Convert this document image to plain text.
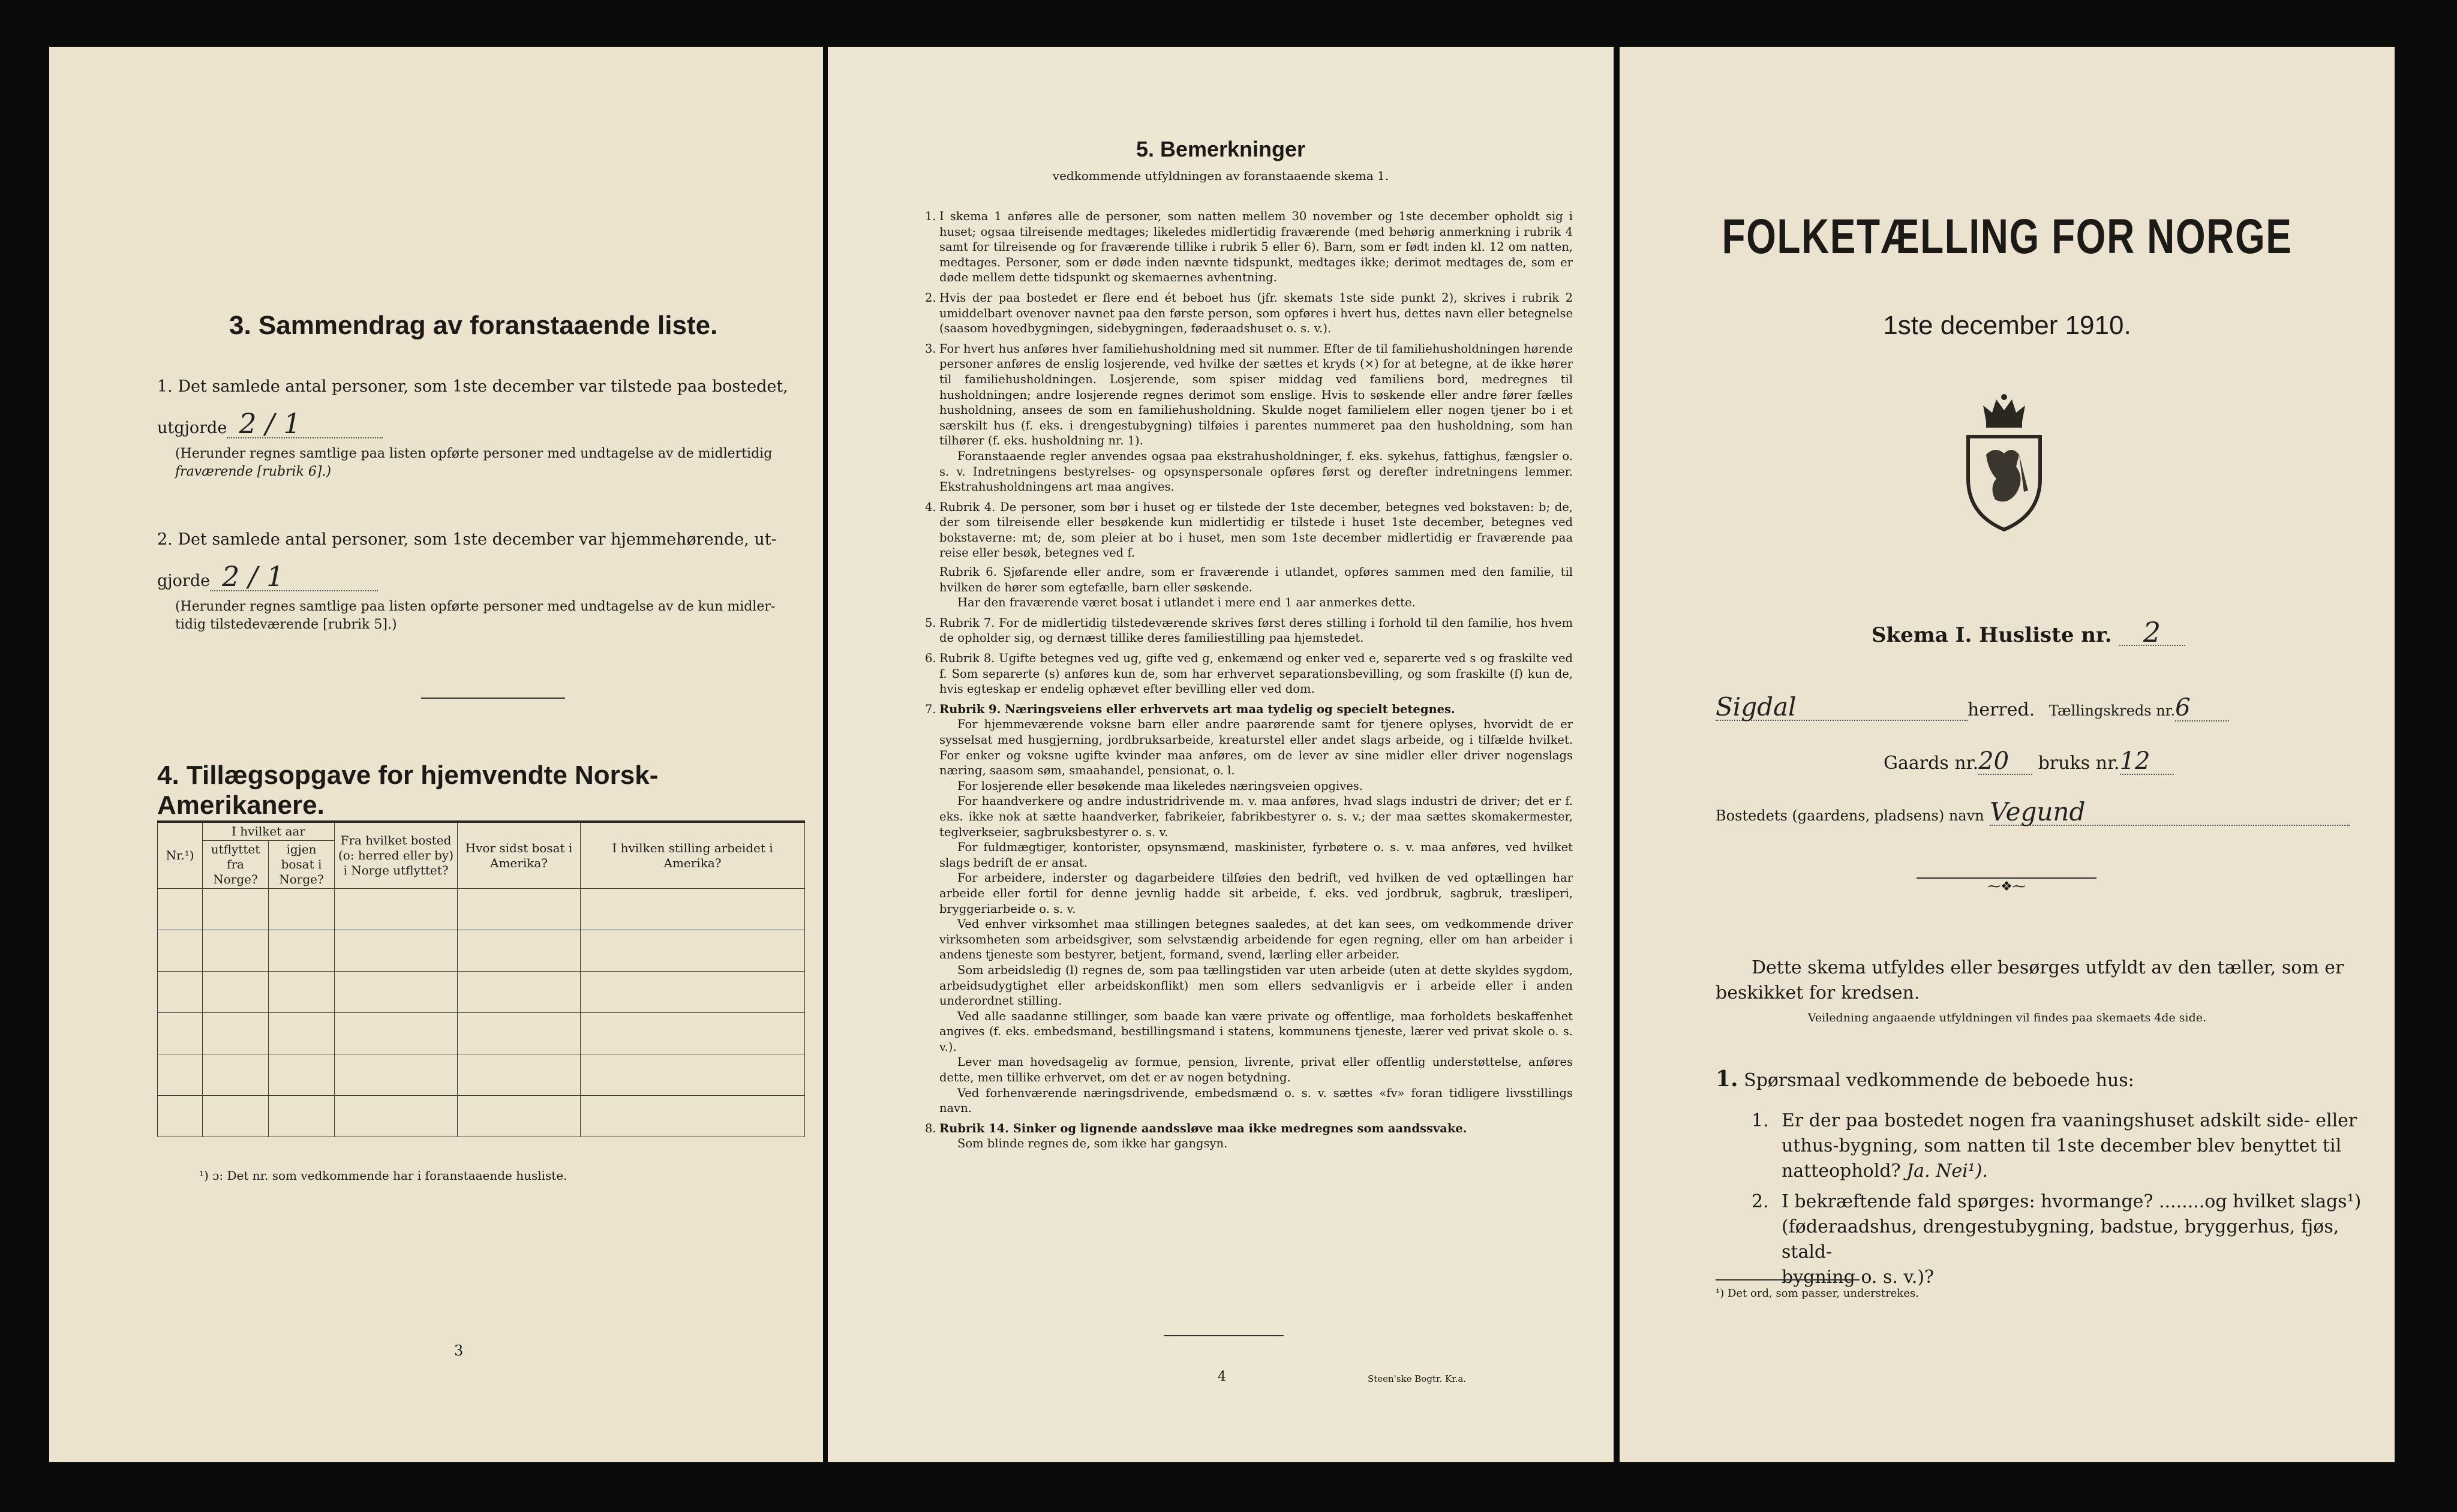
3. Sammendrag av foranstaaende liste.
1. Det samlede antal personer, som 1ste december var tilstede paa bostedet,
utgjorde 2 / 1
(Herunder regnes samtlige paa listen opførte personer med undtagelse av de midlertidig
fraværende [rubrik 6].)
2. Det samlede antal personer, som 1ste december var hjemmehørende, ut-
gjorde 2 / 1
(Herunder regnes samtlige paa listen opførte personer med undtagelse av de kun midler-
tidig tilstedeværende [rubrik 5].)
4. Tillægsopgave for hjemvendte Norsk-Amerikanere.
Nr.¹)	I hvilket aar		Fra hvilket bosted (o: herred eller by) i Norge utflyttet?	Hvor sidst bosat i Amerika?	I hvilken stilling arbeidet i Amerika?
	utflyttet fra Norge?	igjen bosat i Norge?			

¹) ɔ: Det nr. som vedkommende har i foranstaaende husliste.
3
5. Bemerkninger
vedkommende utfyldningen av foranstaaende skema 1.
1. I skema 1 anføres alle de personer, som natten mellem 30 november og 1ste december opholdt sig i huset; ogsaa tilreisende medtages; likeledes midlertidig fraværende (med behørig anmerkning i rubrik 4 samt for tilreisende og for fraværende tillike i rubrik 5 eller 6). Barn, som er født inden kl. 12 om natten, medtages. Personer, som er døde inden nævnte tidspunkt, medtages ikke; derimot medtages de, som er døde mellem dette tidspunkt og skemaernes avhentning.
2. Hvis der paa bostedet er flere end ét beboet hus (jfr. skemats 1ste side punkt 2), skrives i rubrik 2 umiddelbart ovenover navnet paa den første person, som opføres i hvert hus, dettes navn eller betegnelse (saasom hovedbygningen, sidebygningen, føderaadshuset o. s. v.).
3. For hvert hus anføres hver familiehusholdning med sit nummer. Efter de til familiehusholdningen hørende personer anføres de enslig losjerende, ved hvilke der sættes et kryds (×) for at betegne, at de ikke hører til familiehusholdningen. Losjerende, som spiser middag ved familiens bord, medregnes til husholdningen; andre losjerende regnes derimot som enslige. Hvis to søskende eller andre fører fælles husholdning, ansees de som en familiehusholdning. Skulde noget familielem eller nogen tjener bo i et særskilt hus (f. eks. i drengestubygning) tilføies i parentes nummeret paa den husholdning, som han tilhører (f. eks. husholdning nr. 1).
Foranstaaende regler anvendes ogsaa paa ekstrahusholdninger, f. eks. sykehus, fattighus, fængsler o. s. v. Indretningens bestyrelses- og opsynspersonale opføres først og derefter indretningens lemmer. Ekstrahusholdningens art maa angives.
4. Rubrik 4. De personer, som bør i huset og er tilstede der 1ste december, betegnes ved bokstaven: b; de, der som tilreisende eller besøkende kun midlertidig er tilstede i huset 1ste december, betegnes ved bokstaverne: mt; de, som pleier at bo i huset, men som 1ste december midlertidig er fraværende paa reise eller besøk, betegnes ved f.
Rubrik 6. Sjøfarende eller andre, som er fraværende i utlandet, opføres sammen med den familie, til hvilken de hører som egtefælle, barn eller søskende.
Har den fraværende været bosat i utlandet i mere end 1 aar anmerkes dette.
5. Rubrik 7. For de midlertidig tilstedeværende skrives først deres stilling i forhold til den familie, hos hvem de opholder sig, og dernæst tillike deres familiestilling paa hjemstedet.
6. Rubrik 8. Ugifte betegnes ved ug, gifte ved g, enkemænd og enker ved e, separerte ved s og fraskilte ved f. Som separerte (s) anføres kun de, som har erhvervet separationsbevilling, og som fraskilte (f) kun de, hvis egteskap er endelig ophævet efter bevilling eller ved dom.
7. Rubrik 9. Næringsveiens eller erhvervets art maa tydelig og specielt betegnes.
For hjemmeværende voksne barn eller andre paarørende samt for tjenere oplyses, hvorvidt de er sysselsat med husgjerning, jordbruksarbeide, kreaturstel eller andet slags arbeide, og i tilfælde hvilket. For enker og voksne ugifte kvinder maa anføres, om de lever av sine midler eller driver nogenslags næring, saasom søm, smaahandel, pensionat, o. l.
For losjerende eller besøkende maa likeledes næringsveien opgives.
For haandverkere og andre industridrivende m. v. maa anføres, hvad slags industri de driver; det er f. eks. ikke nok at sætte haandverker, fabrikeier, fabrikbestyrer o. s. v.; der maa sættes skomakermester, teglverkseier, sagbruksbestyrer o. s. v.
For fuldmægtiger, kontorister, opsynsmænd, maskinister, fyrbøtere o. s. v. maa anføres, ved hvilket slags bedrift de er ansat.
For arbeidere, inderster og dagarbeidere tilføies den bedrift, ved hvilken de ved optællingen har arbeide eller fortil for denne jevnlig hadde sit arbeide, f. eks. ved jordbruk, sagbruk, træsliperi, bryggeriarbeide o. s. v.
Ved enhver virksomhet maa stillingen betegnes saaledes, at det kan sees, om vedkommende driver virksomheten som arbeidsgiver, som selvstændig arbeidende for egen regning, eller om han arbeider i andens tjeneste som bestyrer, betjent, formand, svend, lærling eller arbeider.
Som arbeidsledig (l) regnes de, som paa tællingstiden var uten arbeide (uten at dette skyldes sygdom, arbeidsudygtighet eller arbeidskonflikt) men som ellers sedvanligvis er i arbeide eller i anden underordnet stilling.
Ved alle saadanne stillinger, som baade kan være private og offentlige, maa forholdets beskaffenhet angives (f. eks. embedsmand, bestillingsmand i statens, kommunens tjeneste, lærer ved privat skole o. s. v.).
Lever man hovedsagelig av formue, pension, livrente, privat eller offentlig understøttelse, anføres dette, men tillike erhvervet, om det er av nogen betydning.
Ved forhenværende næringsdrivende, embedsmænd o. s. v. sættes «fv» foran tidligere livsstillings navn.
8. Rubrik 14. Sinker og lignende aandssløve maa ikke medregnes som aandssvake.
Som blinde regnes de, som ikke har gangsyn.
4	Steen'ske Bogtr. Kr.a.
FOLKETÆLLING FOR NORGE
1ste december 1910.
Skema I. Husliste nr. 2
Sigdal	herred. Tællingskreds nr.6
Gaards nr.20 bruks nr.12
Bostedets (gaardens, pladsens) navn Vegund
⁓❖⁓
Dette skema utfyldes eller besørges utfyldt av den tæller, som er
beskikket for kredsen.
Veiledning angaaende utfyldningen vil findes paa skemaets 4de side.
1. Spørsmaal vedkommende de beboede hus:
1. Er der paa bostedet nogen fra vaaningshuset adskilt side- eller
uthus-bygning, som natten til 1ste december blev benyttet til
natteophold? Ja. Nei¹).
2. I bekræftende fald spørges: hvormange? ........og hvilket slags¹)
(føderaadshus, drengestubygning, badstue, bryggerhus, fjøs, stald-
bygning o. s. v.)?
¹) Det ord, som passer, understrekes.
